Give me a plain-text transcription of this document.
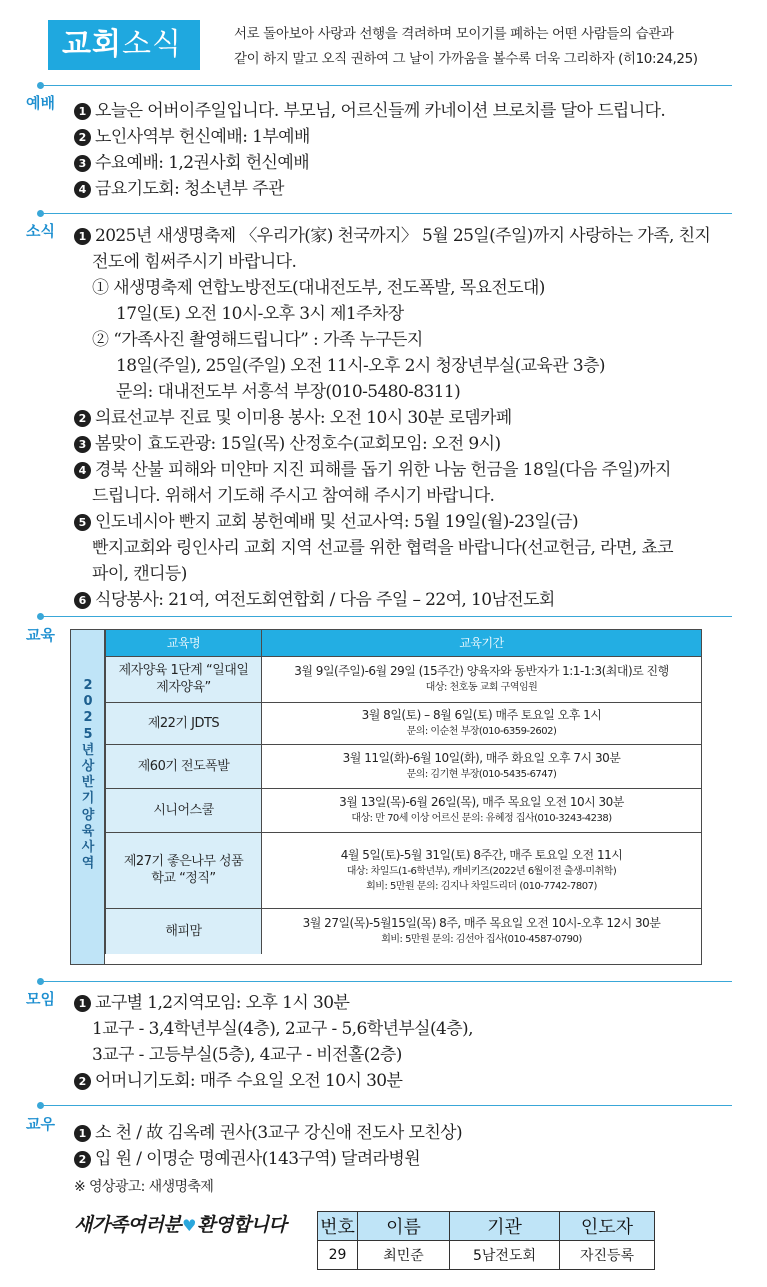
교회소식	서로 돌아보아 사랑과 선행을 격려하며 모이기를 폐하는 어떤 사람들의 습관과
같이 하지 말고 오직 권하여 그 날이 가까움을 볼수록 더욱 그리하자 (히10:24,25)
예배	1 오늘은 어버이주일입니다. 부모님, 어르신들께 카네이션 브로치를 달아 드립니다.
2 노인사역부 헌신예배: 1부예배
3 수요예배: 1,2권사회 헌신예배
4 금요기도회: 청소년부 주관
소식	1 2025년 새생명축제 〈우리가(家) 천국까지〉 5월 25일(주일)까지 사랑하는 가족, 친지
전도에 힘써주시기 바랍니다.
① 새생명축제 연합노방전도(대내전도부, 전도폭발, 목요전도대)
17일(토) 오전 10시-오후 3시 제1주차장
② “가족사진 촬영해드립니다” : 가족 누구든지
18일(주일), 25일(주일) 오전 11시-오후 2시 청장년부실(교육관 3층)
문의: 대내전도부 서흥석 부장(010-5480-8311)
2 의료선교부 진료 및 이미용 봉사: 오전 10시 30분 로뎀카페
3 봄맞이 효도관광: 15일(목) 산정호수(교회모임: 오전 9시)
4 경북 산불 피해와 미얀마 지진 피해를 돕기 위한 나눔 헌금을 18일(다음 주일)까지
드립니다. 위해서 기도해 주시고 참여해 주시기 바랍니다.
5 인도네시아 빤지 교회 봉헌예배 및 선교사역: 5월 19일(월)-23일(금)
빤지교회와 링인사리 교회 지역 선교를 위한 협력을 바랍니다(선교헌금, 라면, 쵸코
파이, 캔디등)
6 식당봉사: 21여, 여전도회연합회 / 다음 주일 – 22여, 10남전도회
교육
2025년 상반기 양육사역
교육명	교육기간
제자양육 1단계 “일대일제자양육”	3월 9일(주일)-6월 29일 (15주간) 양육자와 동반자가 1:1-1:3(최대)로 진행
대상: 천호동 교회 구역임원

제22기 JDTS	3월 8일(토) – 8월 6일(토) 매주 토요일 오후 1시
문의: 이순천 부장(010-6359-2602)

제60기 전도폭발	3월 11일(화)-6월 10일(화), 매주 화요일 오후 7시 30분
문의: 김기현 부장(010-5435-6747)

시니어스쿨	3월 13일(목)-6월 26일(목), 매주 목요일 오전 10시 30분
대상: 만 70세 이상 어르신 문의: 유혜정 집사(010-3243-4238)

제27기 좋은나무 성품학교 “정직”	4월 5일(토)-5월 31일(토) 8주간, 매주 토요일 오전 11시
대상: 차일드(1-6학년부), 캐비키즈(2022년 6월이전 출생-미취학)
회비: 5만원 문의: 김지나 차일드리더 (010-7742-7807)

해피맘	3월 27일(목)-5월15일(목) 8주, 매주 목요일 오전 10시-오후 12시 30분
회비: 5만원 문의: 김선아 집사(010-4587-0790)
모임	1 교구별 1,2지역모임: 오후 1시 30분
1교구 - 3,4학년부실(4층), 2교구 - 5,6학년부실(4층),
3교구 - 고등부실(5층), 4교구 - 비전홀(2층)
2 어머니기도회: 매주 수요일 오전 10시 30분
교우
1 소 천 / 故 김옥례 권사(3교구 강신애 전도사 모친상)
2 입 원 / 이명순 명예권사(143구역) 달려라병원
※ 영상광고: 새생명축제
새가족여러분♥환영합니다 번호	이름	기관	인도자
29	최민준	5남전도회	자진등록
